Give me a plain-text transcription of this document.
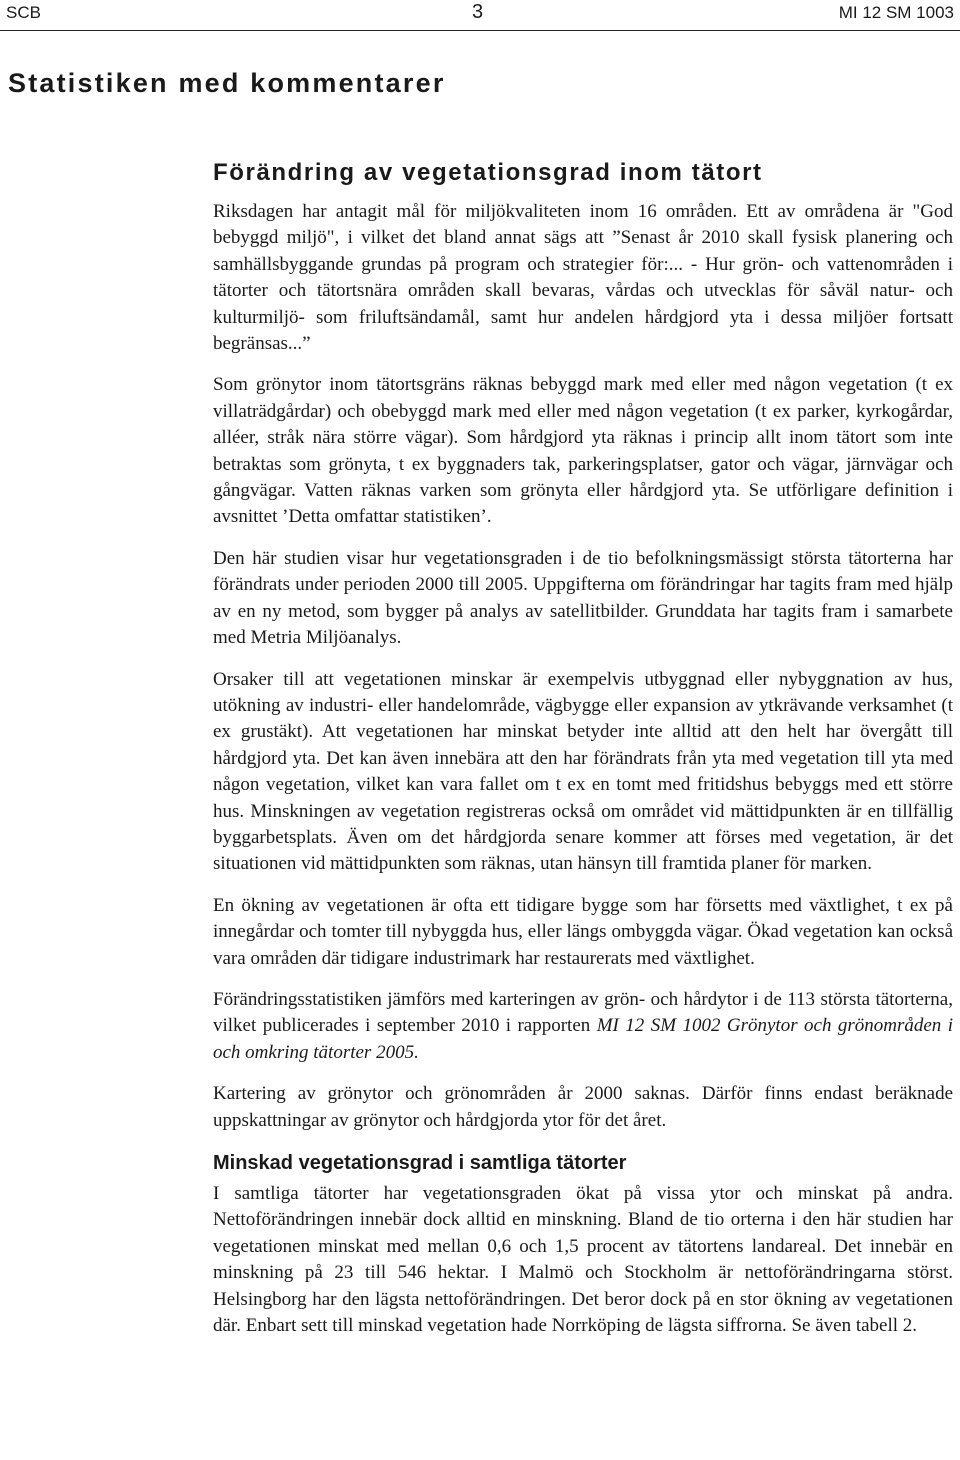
SCB	3	MI 12 SM 1003
Statistiken med kommentarer
Förändring av vegetationsgrad inom tätort

Riksdagen har antagit mål för miljökvaliteten inom 16 områden. Ett av områdena är "God bebyggd miljö", i vilket det bland annat sägs att ”Senast år 2010 skall fysisk planering och samhällsbyggande grundas på program och strategier för:... - Hur grön- och vattenområden i tätorter och tätortsnära områden skall bevaras, vårdas och utvecklas för såväl natur- och kulturmiljö- som friluftsändamål, samt hur andelen hårdgjord yta i dessa miljöer fortsatt begränsas...”

Som grönytor inom tätortsgräns räknas bebyggd mark med eller med någon vegetation (t ex villaträdgårdar) och obebyggd mark med eller med någon vegetation (t ex parker, kyrkogårdar, alléer, stråk nära större vägar). Som hårdgjord yta räknas i princip allt inom tätort som inte betraktas som grönyta, t ex byggnaders tak, parkeringsplatser, gator och vägar, järnvägar och gångvägar. Vatten räknas varken som grönyta eller hårdgjord yta. Se utförligare definition i avsnittet ’Detta omfattar statistiken’.

Den här studien visar hur vegetationsgraden i de tio befolkningsmässigt största tätorterna har förändrats under perioden 2000 till 2005. Uppgifterna om förändringar har tagits fram med hjälp av en ny metod, som bygger på analys av satellitbilder. Grunddata har tagits fram i samarbete med Metria Miljöanalys.

Orsaker till att vegetationen minskar är exempelvis utbyggnad eller nybyggnation av hus, utökning av industri- eller handelområde, vägbygge eller expansion av ytkrävande verksamhet (t ex grustäkt). Att vegetationen har minskat betyder inte alltid att den helt har övergått till hårdgjord yta. Det kan även innebära att den har förändrats från yta med vegetation till yta med någon vegetation, vilket kan vara fallet om t ex en tomt med fritidshus bebyggs med ett större hus. Minskningen av vegetation registreras också om området vid mättidpunkten är en tillfällig byggarbetsplats. Även om det hårdgjorda senare kommer att förses med vegetation, är det situationen vid mättidpunkten som räknas, utan hänsyn till framtida planer för marken.

En ökning av vegetationen är ofta ett tidigare bygge som har försetts med växtlighet, t ex på innegårdar och tomter till nybyggda hus, eller längs ombyggda vägar. Ökad vegetation kan också vara områden där tidigare industrimark har restaurerats med växtlighet.

Förändringsstatistiken jämförs med karteringen av grön- och hårdytor i de 113 största tätorterna, vilket publicerades i september 2010 i rapporten MI 12 SM 1002 Grönytor och grönområden i och omkring tätorter 2005.

Kartering av grönytor och grönområden år 2000 saknas. Därför finns endast beräknade uppskattningar av grönytor och hårdgjorda ytor för det året.

Minskad vegetationsgrad i samtliga tätorter

I samtliga tätorter har vegetationsgraden ökat på vissa ytor och minskat på andra. Nettoförändringen innebär dock alltid en minskning. Bland de tio orterna i den här studien har vegetationen minskat med mellan 0,6 och 1,5 procent av tätortens landareal. Det innebär en minskning på 23 till 546 hektar. I Malmö och Stockholm är nettoförändringarna störst. Helsingborg har den lägsta nettoförändringen. Det beror dock på en stor ökning av vegetationen där. Enbart sett till minskad vegetation hade Norrköping de lägsta siffrorna. Se även tabell 2.
